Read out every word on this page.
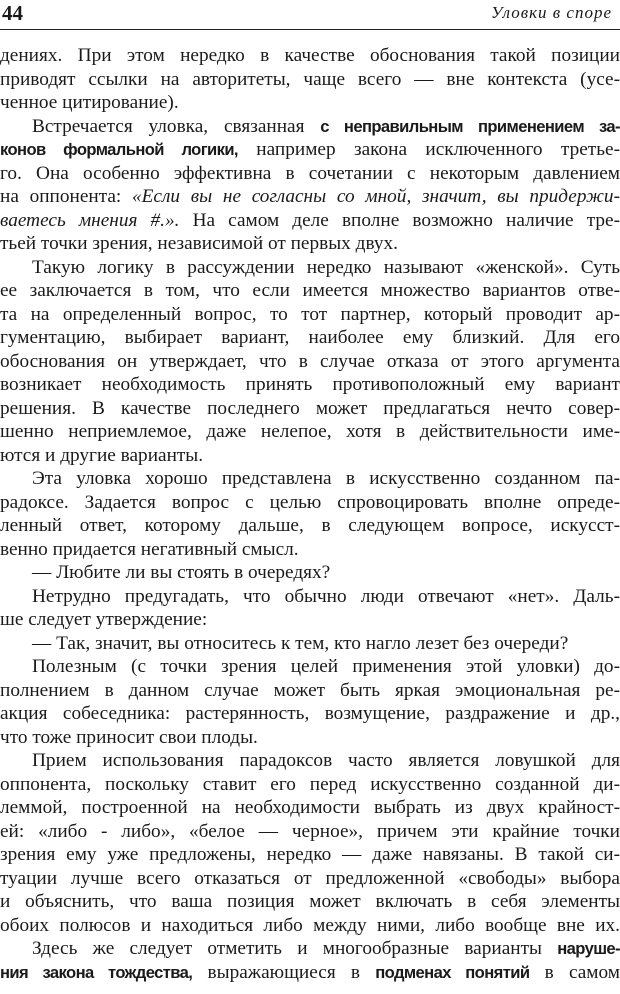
44	Уловки в споре
дениях. При этом нередко в качестве обоснования такой позиции
приводят ссылки на авторитеты, чаще всего — вне контекста (усе-
ченное цитирование).
Встречается уловка, связанная с неправильным применением за-
конов формальной логики, например закона исключенного третье-
го. Она особенно эффективна в сочетании с некоторым давлением
на оппонента: «Если вы не согласны со мной, значит, вы придержи-
ваетесь мнения #.». На самом деле вполне возможно наличие тре-
тьей точки зрения, независимой от первых двух.
Такую логику в рассуждении нередко называют «женской». Суть
ее заключается в том, что если имеется множество вариантов отве-
та на определенный вопрос, то тот партнер, который проводит ар-
гументацию, выбирает вариант, наиболее ему близкий. Для его
обоснования он утверждает, что в случае отказа от этого аргумента
возникает необходимость принять противоположный ему вариант
решения. В качестве последнего может предлагаться нечто совер-
шенно неприемлемое, даже нелепое, хотя в действительности име-
ются и другие варианты.
Эта уловка хорошо представлена в искусственно созданном па-
радоксе. Задается вопрос с целью спровоцировать вполне опреде-
ленный ответ, которому дальше, в следующем вопросе, искусст-
венно придается негативный смысл.
— Любите ли вы стоять в очередях?
Нетрудно предугадать, что обычно люди отвечают «нет». Даль-
ше следует утверждение:
— Так, значит, вы относитесь к тем, кто нагло лезет без очереди?
Полезным (с точки зрения целей применения этой уловки) до-
полнением в данном случае может быть яркая эмоциональная ре-
акция собеседника: растерянность, возмущение, раздражение и др.,
что тоже приносит свои плоды.
Прием использования парадоксов часто является ловушкой для
оппонента, поскольку ставит его перед искусственно созданной ди-
леммой, построенной на необходимости выбрать из двух крайност-
ей: «либо - либо», «белое — черное», причем эти крайние точки
зрения ему уже предложены, нередко — даже навязаны. В такой си-
туации лучше всего отказаться от предложенной «свободы» выбора
и объяснить, что ваша позиция может включать в себя элементы
обоих полюсов и находиться либо между ними, либо вообще вне их.
Здесь же следует отметить и многообразные варианты наруше-
ния закона тождества, выражающиеся в подменах понятий в самом
